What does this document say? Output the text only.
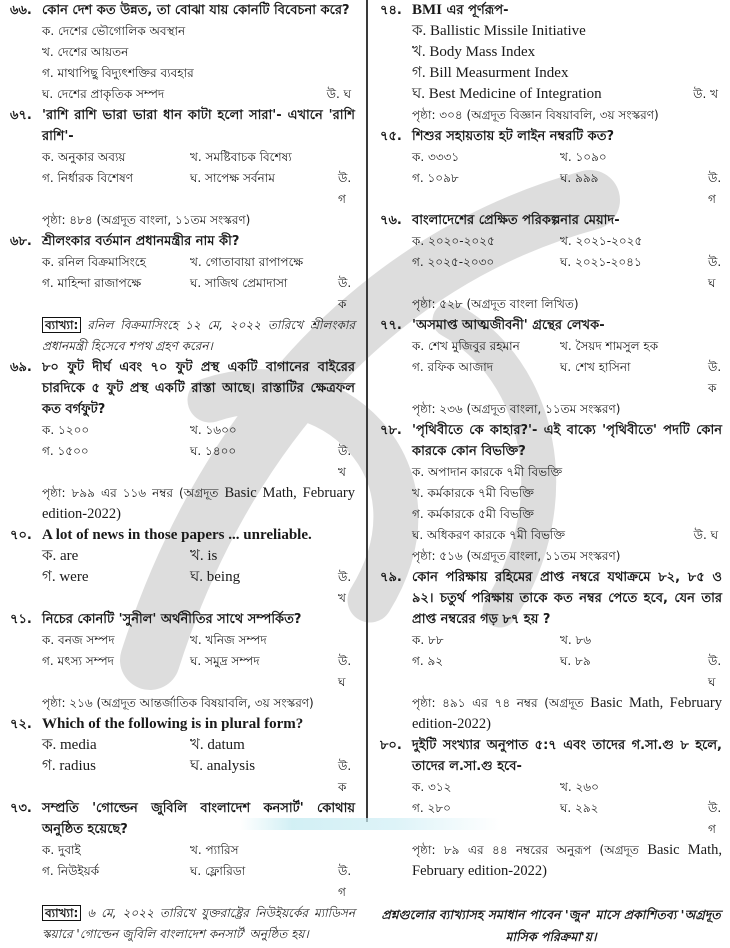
৬৬. কোন দেশ কত উন্নত, তা বোঝা যায় কোনটি বিবেচনা করে?
ক. দেশের ভৌগোলিক অবস্থান
খ. দেশের আয়তন
গ. মাথাপিছু বিদ্যুৎশক্তির ব্যবহার
ঘ. দেশের প্রাকৃতিক সম্পদ	উ. ঘ
৬৭. 'রাশি রাশি ভারা ভারা ধান কাটা হলো সারা'- এখানে 'রাশি রাশি'-
ক. অনুকার অব্যয়	খ. সমষ্টিবাচক বিশেষ্য
গ. নির্ধারক বিশেষণ	ঘ. সাপেক্ষ সর্বনাম	উ. গ
পৃষ্ঠা: ৪৮৪ (অগ্রদূত বাংলা, ১১তম সংস্করণ)
৬৮. শ্রীলংকার বর্তমান প্রধানমন্ত্রীর নাম কী?
ক. রনিল বিক্রমাসিংহে	খ. গোতাবায়া রাপাপক্ষে
গ. মাহিন্দা রাজাপক্ষে	ঘ. সাজিথ প্রেমাদাসা	উ. ক
ব্যাখ্যা: রনিল বিক্রমাসিংহে ১২ মে, ২০২২ তারিখে শ্রীলংকার প্রধানমন্ত্রী হিসেবে শপথ গ্রহণ করেন।
৬৯. ৮০ ফুট দীর্ঘ এবং ৭০ ফুট প্রস্থ একটি বাগানের বাইরের চারদিকে ৫ ফুট প্রস্থ একটি রাস্তা আছে। রাস্তাটির ক্ষেত্রফল কত বর্গফুট?
ক. ১২০০	খ. ১৬০০
গ. ১৫০০	ঘ. ১৪০০	উ. খ
পৃষ্ঠা: ৮৯৯ এর ১১৬ নম্বর (অগ্রদূত Basic Math, February edition-2022)
৭০. A lot of news in those papers ... unreliable.
ক. are	খ. is
গ. were	ঘ. being	উ. খ
৭১. নিচের কোনটি 'সুনীল' অর্থনীতির সাথে সম্পর্কিত?
ক. বনজ সম্পদ	খ. খনিজ সম্পদ
গ. মৎস্য সম্পদ	ঘ. সমুদ্র সম্পদ	উ. ঘ
পৃষ্ঠা: ২১৬ (অগ্রদূত আন্তর্জাতিক বিষয়াবলি, ৩য় সংস্করণ)
৭২. Which of the following is in plural form?
ক. media	খ. datum
গ. radius	ঘ. analysis	উ. ক
৭৩. সম্প্রতি 'গোল্ডেন জুবিলি বাংলাদেশ কনসার্ট' কোথায় অনুষ্ঠিত হয়েছে?
ক. দুবাই	খ. প্যারিস
গ. নিউইয়র্ক	ঘ. ফ্লোরিডা	উ. গ
ব্যাখ্যা: ৬ মে, ২০২২ তারিখে যুক্তরাষ্ট্রের নিউইয়র্কের ম্যাডিসন স্কয়ারে 'গোল্ডেন জুবিলি বাংলাদেশ কনসার্ট' অনুষ্ঠিত হয়।
৭৪. BMI এর পূর্ণরূপ-
ক. Ballistic Missile Initiative
খ. Body Mass Index
গ. Bill Measurment Index
ঘ. Best Medicine of Integration	উ. খ
পৃষ্ঠা: ৩০৪ (অগ্রদূত বিজ্ঞান বিষয়াবলি, ৩য় সংস্করণ)
৭৫. শিশুর সহায়তায় হট লাইন নম্বরটি কত?
ক. ৩৩৩১	খ. ১০৯০
গ. ১০৯৮	ঘ. ৯৯৯	উ. গ
৭৬. বাংলাদেশের প্রেক্ষিত পরিকল্পনার মেয়াদ-
ক. ২০২০-২০২৫	খ. ২০২১-২০২৫
গ. ২০২৫-২০৩০	ঘ. ২০২১-২০৪১	উ. ঘ
পৃষ্ঠা: ৫২৮ (অগ্রদূত বাংলা লিখিত)
৭৭. 'অসমাপ্ত আত্মজীবনী' গ্রন্থের লেখক-
ক. শেখ মুজিবুর রহমান	খ. সৈয়দ শামসুল হক
গ. রফিক আজাদ	ঘ. শেখ হাসিনা	উ. ক
পৃষ্ঠা: ২৩৬ (অগ্রদূত বাংলা, ১১তম সংস্করণ)
৭৮. 'পৃথিবীতে কে কাহার?'- এই বাক্যে 'পৃথিবীতে' পদটি কোন কারকে কোন বিভক্তি?
ক. অপাদান কারকে ৭মী বিভক্তি
খ. কর্মকারকে ৭মী বিভক্তি
গ. কর্মকারকে ৫মী বিভক্তি
ঘ. অধিকরণ কারকে ৭মী বিভক্তি	উ. ঘ
পৃষ্ঠা: ৫১৬ (অগ্রদূত বাংলা, ১১তম সংস্করণ)
৭৯. কোন পরিক্ষায় রহিমের প্রাপ্ত নম্বরে যথাক্রমে ৮২, ৮৫ ও ৯২। চতুর্থ পরিক্ষায় তাকে কত নম্বর পেতে হবে, যেন তার প্রাপ্ত নম্বরের গড় ৮৭ হয় ?
ক. ৮৮	খ. ৮৬
গ. ৯২	ঘ. ৮৯	উ. ঘ
পৃষ্ঠা: ৪৯১ এর ৭৪ নম্বর (অগ্রদূত Basic Math, February edition-2022)
৮০. দুইটি সংখ্যার অনুপাত ৫:৭ এবং তাদের গ.সা.গু ৮ হলে, তাদের ল.সা.গু হবে-
ক. ৩১২	খ. ২৬০
গ. ২৮০	ঘ. ২৯২	উ. গ
পৃষ্ঠা: ৮৯ এর ৪৪ নম্বরের অনুরূপ (অগ্রদূত Basic Math, February edition-2022)
প্রশ্নগুলোর ব্যাখ্যাসহ সমাধান পাবেন 'জুন' মাসে প্রকাশিতব্য 'অগ্রদূত মাসিক পরিক্রমা'য়।
